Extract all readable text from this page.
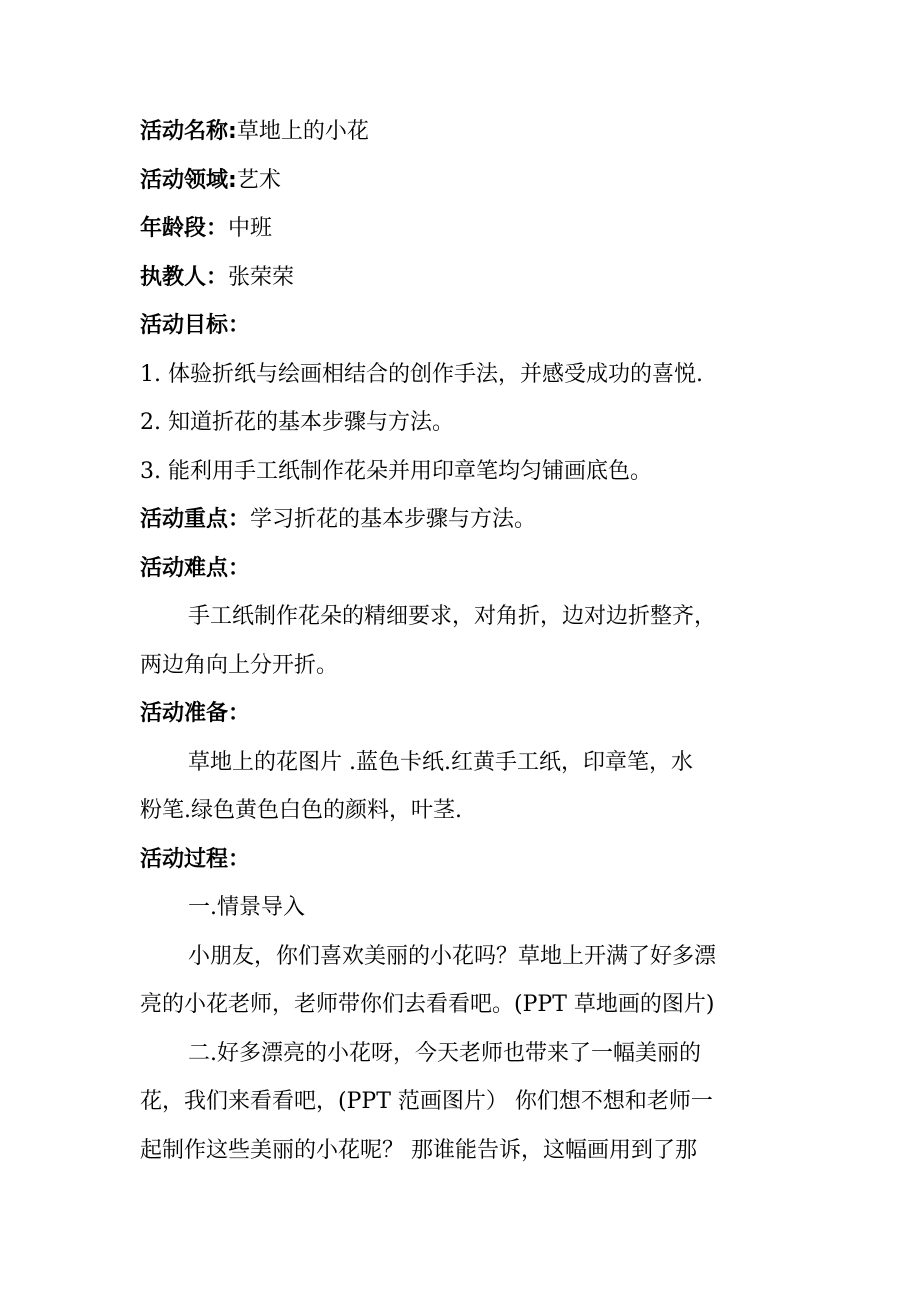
活动名称:草地上的小花

活动领域:艺术

年龄段：中班

执教人：张荣荣

活动目标：

1. 体验折纸与绘画相结合的创作手法，并感受成功的喜悦.

2. 知道折花的基本步骤与方法。

3. 能利用手工纸制作花朵并用印章笔均匀铺画底色。

活动重点：学习折花的基本步骤与方法。

活动难点：

手工纸制作花朵的精细要求，对角折，边对边折整齐，

两边角向上分开折。

活动准备：

草地上的花图片 .蓝色卡纸.红黄手工纸，印章笔，水

粉笔.绿色黄色白色的颜料，叶茎.

活动过程：

一.情景导入

小朋友，你们喜欢美丽的小花吗？草地上开满了好多漂

亮的小花老师，老师带你们去看看吧。(PPT 草地画的图片)

二.好多漂亮的小花呀，今天老师也带来了一幅美丽的

花，我们来看看吧，(PPT 范画图片） 你们想不想和老师一

起制作这些美丽的小花呢？ 那谁能告诉，这幅画用到了那
